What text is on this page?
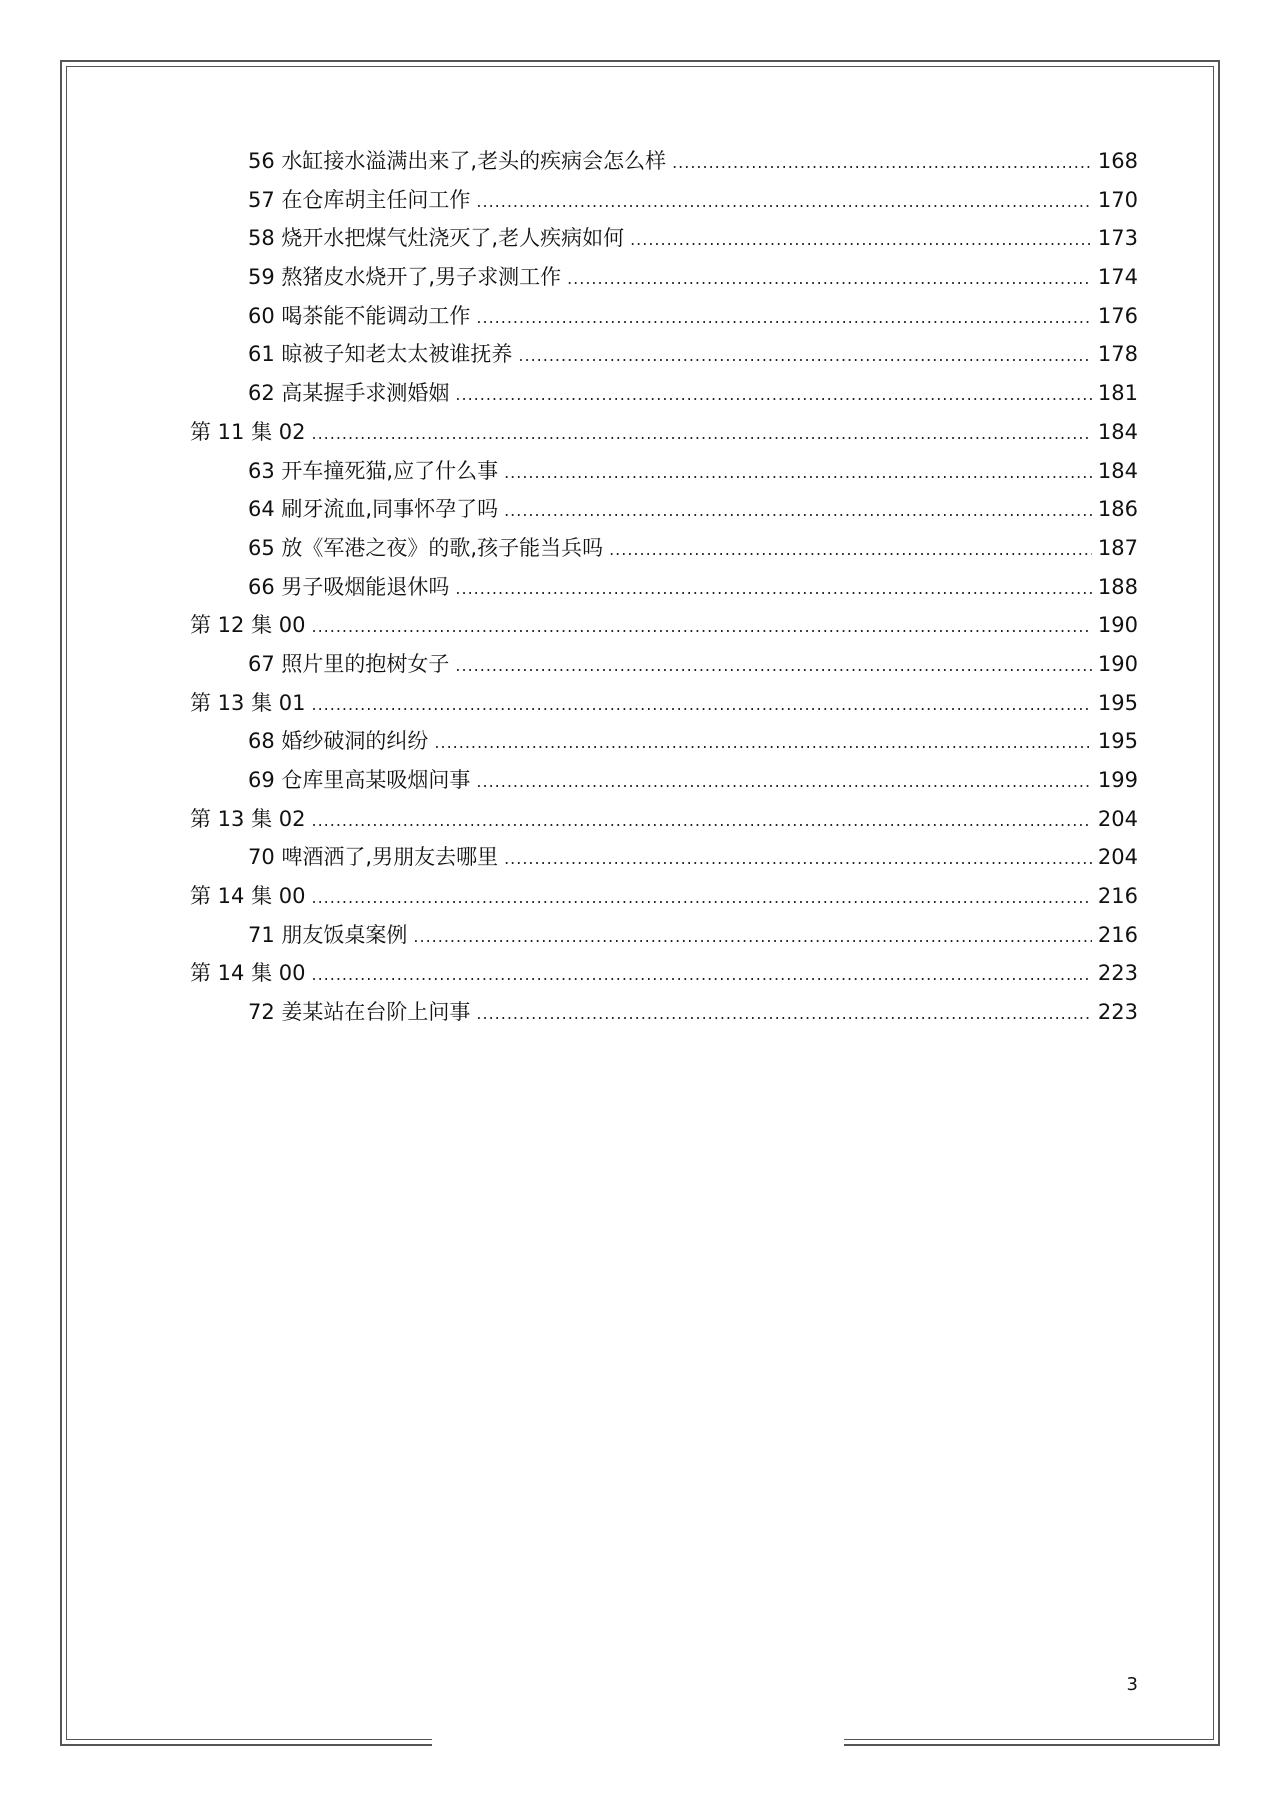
56 水缸接水溢满出来了,老头的疾病会怎么样 .....	168
57 在仓库胡主任问工作 .....	170
58 烧开水把煤气灶浇灭了,老人疾病如何 .....	173
59 熬猪皮水烧开了,男子求测工作 .....	174
60 喝茶能不能调动工作 .....	176
61 晾被子知老太太被谁抚养 .....	178
62 高某握手求测婚姻 .....	181
第 11 集 02 .....	184
63 开车撞死猫,应了什么事 .....	184
64 刷牙流血,同事怀孕了吗 .....	186
65 放《军港之夜》的歌,孩子能当兵吗 .....	187
66 男子吸烟能退休吗 .....	188
第 12 集 00 .....	190
67 照片里的抱树女子 .....	190
第 13 集 01 .....	195
68 婚纱破洞的纠纷 .....	195
69 仓库里高某吸烟问事 .....	199
第 13 集 02 .....	204
70 啤酒洒了,男朋友去哪里 .....	204
第 14 集 00 .....	216
71 朋友饭桌案例 .....	216
第 14 集 00 .....	223
72 姜某站在台阶上问事 .....	223
3
